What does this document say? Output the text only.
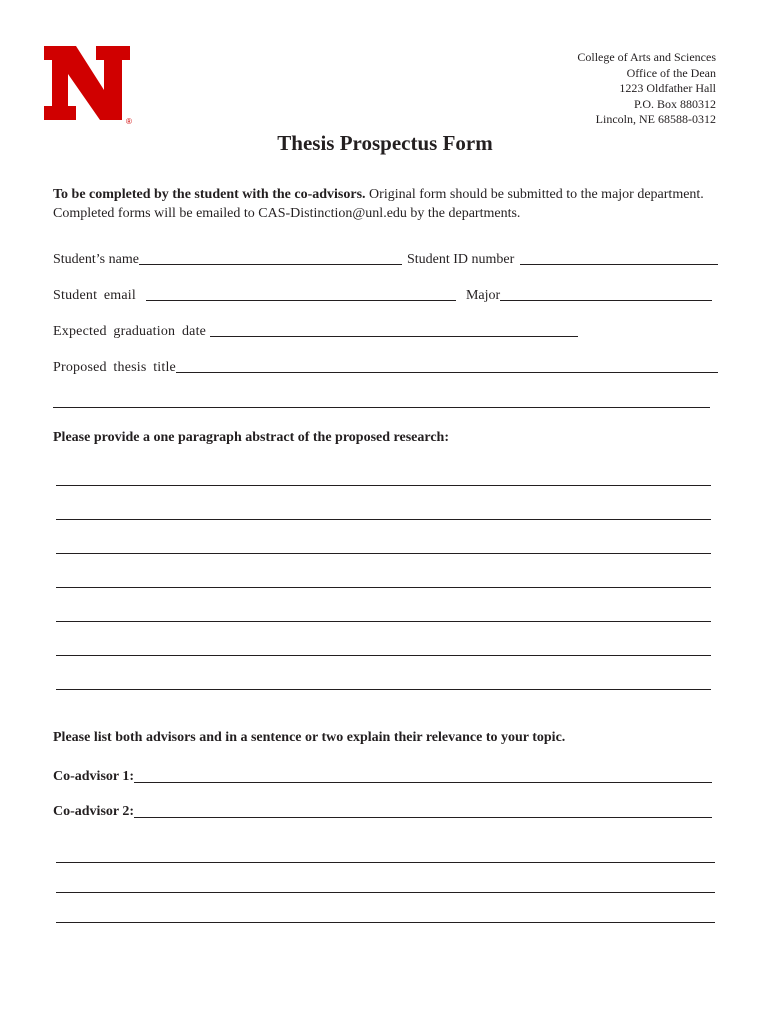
®
College of Arts and Sciences
Office of the Dean
1223 Oldfather Hall
P.O. Box 880312
Lincoln, NE 68588-0312
Thesis Prospectus Form

To be completed by the student with the co-advisors. Original form should be submitted to the major department. Completed forms will be emailed to CAS-Distinction@unl.edu by the departments.

Student’s name	Student ID number
Student email	Major
Expected graduation date
Proposed thesis title

Please provide a one paragraph abstract of the proposed research:

Please list both advisors and in a sentence or two explain their relevance to your topic.

Co-advisor 1:
Co-advisor 2:
